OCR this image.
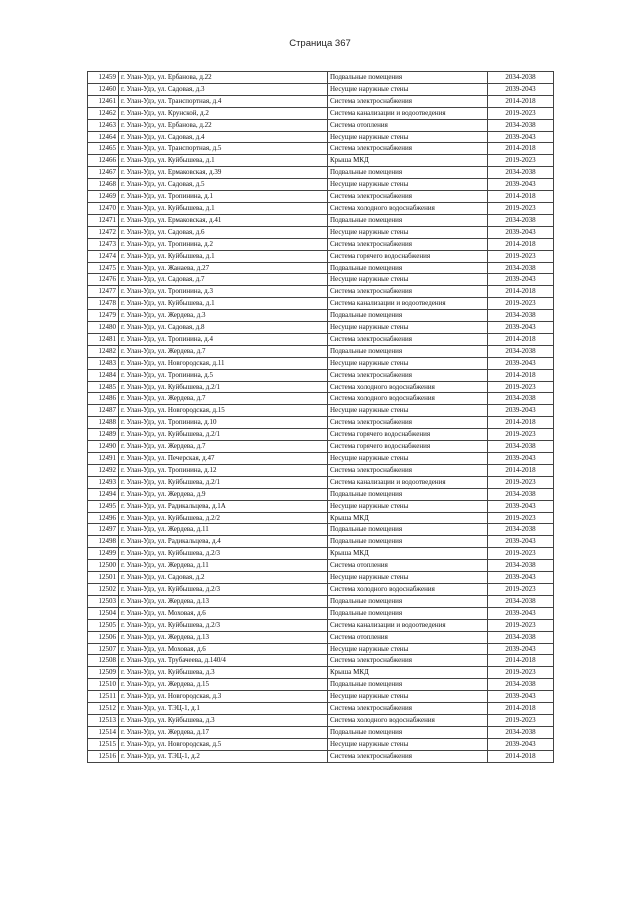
Страница 367
12459	г. Улан-Удэ, ул. Ербанова, д.22	Подвальные помещения	2034-2038
12460	г. Улан-Удэ, ул. Садовая, д.3	Несущие наружные стены	2039-2043
12461	г. Улан-Удэ, ул. Транспортная, д.4	Система электроснабжения	2014-2018
12462	г. Улан-Удэ, ул. Крунской, д.2	Система канализации и водоотведения	2019-2023
12463	г. Улан-Удэ, ул. Ербанова, д.22	Система отопления	2034-2038
12464	г. Улан-Удэ, ул. Садовая, д.4	Несущие наружные стены	2039-2043
12465	г. Улан-Удэ, ул. Транспортная, д.5	Система электроснабжения	2014-2018
12466	г. Улан-Удэ, ул. Куйбышева, д.1	Крыша МКД	2019-2023
12467	г. Улан-Удэ, ул. Ермаковская, д.39	Подвальные помещения	2034-2038
12468	г. Улан-Удэ, ул. Садовая, д.5	Несущие наружные стены	2039-2043
12469	г. Улан-Удэ, ул. Тропинина, д.1	Система электроснабжения	2014-2018
12470	г. Улан-Удэ, ул. Куйбышева, д.1	Система холодного водоснабжения	2019-2023
12471	г. Улан-Удэ, ул. Ермаковская, д.41	Подвальные помещения	2034-2038
12472	г. Улан-Удэ, ул. Садовая, д.6	Несущие наружные стены	2039-2043
12473	г. Улан-Удэ, ул. Тропинина, д.2	Система электроснабжения	2014-2018
12474	г. Улан-Удэ, ул. Куйбышева, д.1	Система горячего водоснабжения	2019-2023
12475	г. Улан-Удэ, ул. Жанаева, д.27	Подвальные помещения	2034-2038
12476	г. Улан-Удэ, ул. Садовая, д.7	Несущие наружные стены	2039-2043
12477	г. Улан-Удэ, ул. Тропинина, д.3	Система электроснабжения	2014-2018
12478	г. Улан-Удэ, ул. Куйбышева, д.1	Система канализации и водоотведения	2019-2023
12479	г. Улан-Удэ, ул. Жердева, д.3	Подвальные помещения	2034-2038
12480	г. Улан-Удэ, ул. Садовая, д.8	Несущие наружные стены	2039-2043
12481	г. Улан-Удэ, ул. Тропинина, д.4	Система электроснабжения	2014-2018
12482	г. Улан-Удэ, ул. Жердева, д.7	Подвальные помещения	2034-2038
12483	г. Улан-Удэ, ул. Новгородская, д.11	Несущие наружные стены	2039-2043
12484	г. Улан-Удэ, ул. Тропинина, д.5	Система электроснабжения	2014-2018
12485	г. Улан-Удэ, ул. Куйбышева, д.2/1	Система холодного водоснабжения	2019-2023
12486	г. Улан-Удэ, ул. Жердева, д.7	Система холодного водоснабжения	2034-2038
12487	г. Улан-Удэ, ул. Новгородская, д.15	Несущие наружные стены	2039-2043
12488	г. Улан-Удэ, ул. Тропинина, д.10	Система электроснабжения	2014-2018
12489	г. Улан-Удэ, ул. Куйбышева, д.2/1	Система горячего водоснабжения	2019-2023
12490	г. Улан-Удэ, ул. Жердева, д.7	Система горячего водоснабжения	2034-2038
12491	г. Улан-Удэ, ул. Печерская, д.47	Несущие наружные стены	2039-2043
12492	г. Улан-Удэ, ул. Тропинина, д.12	Система электроснабжения	2014-2018
12493	г. Улан-Удэ, ул. Куйбышева, д.2/1	Система канализации и водоотведения	2019-2023
12494	г. Улан-Удэ, ул. Жердева, д.9	Подвальные помещения	2034-2038
12495	г. Улан-Удэ, ул. Радикальцева, д.1А	Несущие наружные стены	2039-2043
12496	г. Улан-Удэ, ул. Куйбышева, д.2/2	Крыша МКД	2019-2023
12497	г. Улан-Удэ, ул. Жердева, д.11	Подвальные помещения	2034-2038
12498	г. Улан-Удэ, ул. Радикальцева, д.4	Подвальные помещения	2039-2043
12499	г. Улан-Удэ, ул. Куйбышева, д.2/3	Крыша МКД	2019-2023
12500	г. Улан-Удэ, ул. Жердева, д.11	Система отопления	2034-2038
12501	г. Улан-Удэ, ул. Садовая, д.2	Несущие наружные стены	2039-2043
12502	г. Улан-Удэ, ул. Куйбышева, д.2/3	Система холодного водоснабжения	2019-2023
12503	г. Улан-Удэ, ул. Жердева, д.13	Подвальные помещения	2034-2038
12504	г. Улан-Удэ, ул. Моховая, д.6	Подвальные помещения	2039-2043
12505	г. Улан-Удэ, ул. Куйбышева, д.2/3	Система канализации и водоотведения	2019-2023
12506	г. Улан-Удэ, ул. Жердева, д.13	Система отопления	2034-2038
12507	г. Улан-Удэ, ул. Моховая, д.6	Несущие наружные стены	2039-2043
12508	г. Улан-Удэ, ул. Трубачеева, д.140/4	Система электроснабжения	2014-2018
12509	г. Улан-Удэ, ул. Куйбышева, д.3	Крыша МКД	2019-2023
12510	г. Улан-Удэ, ул. Жердева, д.15	Подвальные помещения	2034-2038
12511	г. Улан-Удэ, ул. Новгородская, д.3	Несущие наружные стены	2039-2043
12512	г. Улан-Удэ, ул. ТЭЦ-1, д.1	Система электроснабжения	2014-2018
12513	г. Улан-Удэ, ул. Куйбышева, д.3	Система холодного водоснабжения	2019-2023
12514	г. Улан-Удэ, ул. Жердева, д.17	Подвальные помещения	2034-2038
12515	г. Улан-Удэ, ул. Новгородская, д.5	Несущие наружные стены	2039-2043
12516	г. Улан-Удэ, ул. ТЭЦ-1, д.2	Система электроснабжения	2014-2018
